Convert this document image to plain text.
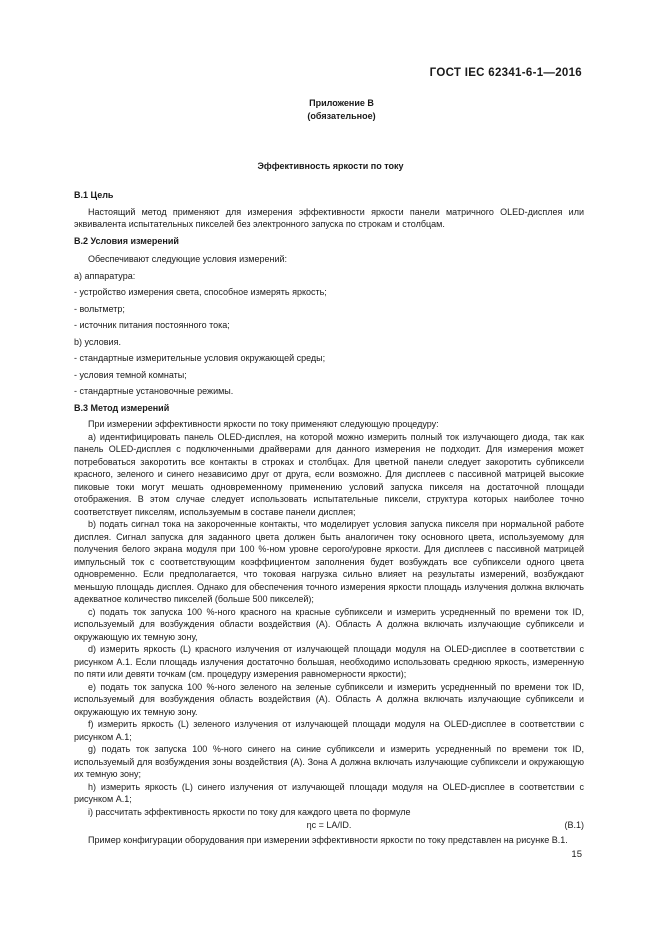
ГОСТ IEC 62341-6-1—2016
Приложение В
(обязательное)
Эффективность яркости по току

B.1 Цель

Настоящий метод применяют для измерения эффективности яркости панели матричного OLED-дисплея или эквивалента испытательных пикселей без электронного запуска по строкам и столбцам.

B.2 Условия измерений

Обеспечивают следующие условия измерений:

a) аппаратура:

- устройство измерения света, способное измерять яркость;

- вольтметр;

- источник питания постоянного тока;

b) условия.

- стандартные измерительные условия окружающей среды;

- условия темной комнаты;

- стандартные установочные режимы.

B.3 Метод измерений

При измерении эффективности яркости по току применяют следующую процедуру:

a) идентифицировать панель OLED-дисплея, на которой можно измерить полный ток излучающего диода, так как панель OLED-дисплея с подключенными драйверами для данного измерения не подходит. Для измерения может потребоваться закоротить все контакты в строках и столбцах. Для цветной панели следует закоротить субпиксели красного, зеленого и синего независимо друг от друга, если возможно. Для дисплеев с пассивной матрицей высокие пиковые токи могут мешать одновременному применению условий запуска пикселя на достаточной площади отображения. В этом случае следует использовать испытательные пиксели, структура которых наиболее точно соответствует пикселям, используемым в составе панели дисплея;

b) подать сигнал тока на закороченные контакты, что моделирует условия запуска пикселя при нормальной работе дисплея. Сигнал запуска для заданного цвета должен быть аналогичен току основного цвета, используемому для получения белого экрана модуля при 100 %-ном уровне серого/уровне яркости. Для дисплеев с пассивной матрицей импульсный ток с соответствующим коэффициентом заполнения будет возбуждать все субпиксели одного цвета одновременно. Если предполагается, что токовая нагрузка сильно влияет на результаты измерений, возбуждают меньшую площадь дисплея. Однако для обеспечения точного измерения яркости площадь излучения должна включать адекватное количество пикселей (больше 500 пикселей);

c) подать ток запуска 100 %-ного красного на красные субпиксели и измерить усредненный по времени ток ID, используемый для возбуждения области воздействия (А). Область А должна включать излучающие субпиксели и окружающую их темную зону,

d) измерить яркость (L) красного излучения от излучающей площади модуля на OLED-дисплее в соответствии с рисунком А.1. Если площадь излучения достаточно большая, необходимо использовать среднюю яркость, измеренную по пяти или девяти точкам (см. процедуру измерения равномерности яркости);

e) подать ток запуска 100 %-ного зеленого на зеленые субпиксели и измерить усредненный по времени ток ID, используемый для возбуждения область воздействия (А). Область А должна включать излучающие субпиксели и окружающую их темную зону.

f) измерить яркость (L) зеленого излучения от излучающей площади модуля на OLED-дисплее в соответствии с рисунком А.1;

g) подать ток запуска 100 %-ного синего на синие субпиксели и измерить усредненный по времени ток ID, используемый для возбуждения зоны воздействия (А). Зона А должна включать излучающие субпиксели и окружающую их темную зону;

h) измерить яркость (L) синего излучения от излучающей площади модуля на OLED-дисплее в соответствии с рисунком А.1;

i) рассчитать эффективность яркости по току для каждого цвета по формуле

ηc = LA/ID.	(B.1)

Пример конфигурации оборудования при измерении эффективности яркости по току представлен на рисунке В.1.

15
